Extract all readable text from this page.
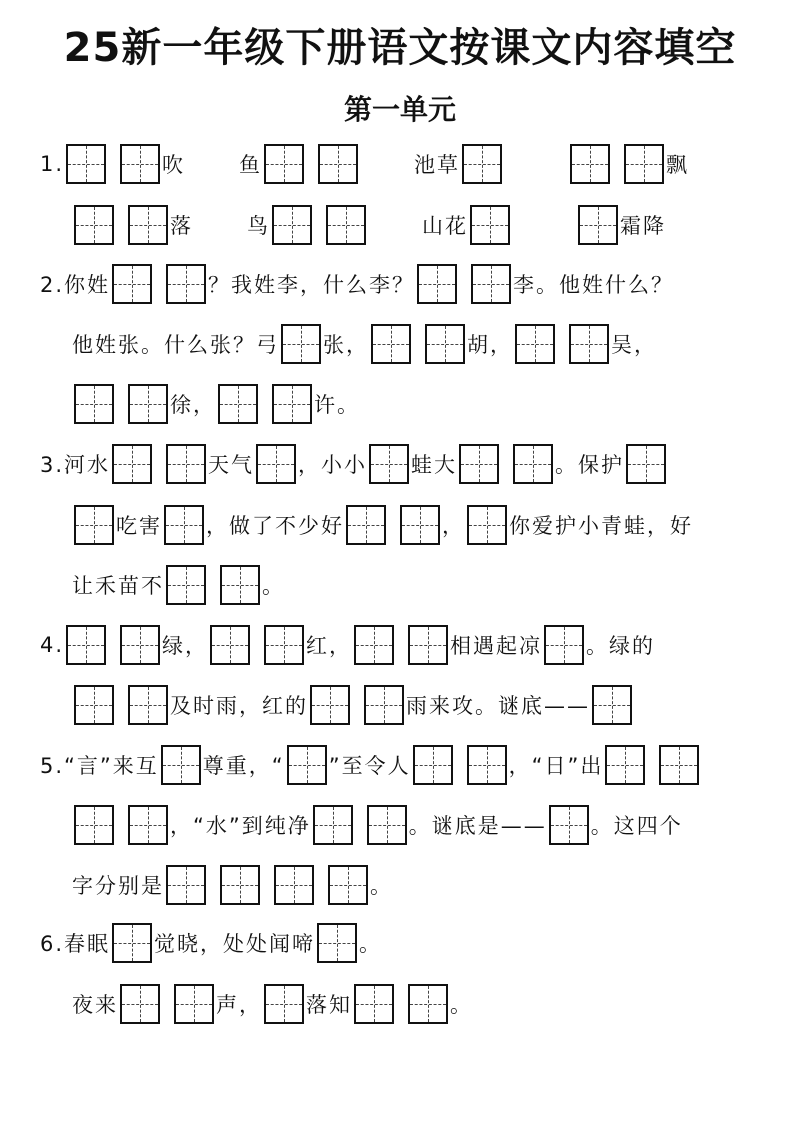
25新一年级下册语文按课文内容填空
第一单元
1.	吹	鱼	池草	飘
落	鸟	山花	霜降
2.你姓	？我姓李，什么李？	李。他姓什么？
他姓张。什么张？弓 张，	胡，	吴，
徐，	许。
3.河水	天气 ，小小 蛙大	。保护
吃害 ，做了不少好	， 你爱护小青蛙，好
让禾苗不	。
4.	绿，	红，	相遇起凉 。绿的
及时雨，红的	雨来攻。谜底——
5.“言”来互 尊重，“ ”至令人	，“日”出
，“水”到纯净	。谜底是—— 。这四个
字分别是	。
6.春眠 觉晓，处处闻啼 。
夜来	声， 落知	。
